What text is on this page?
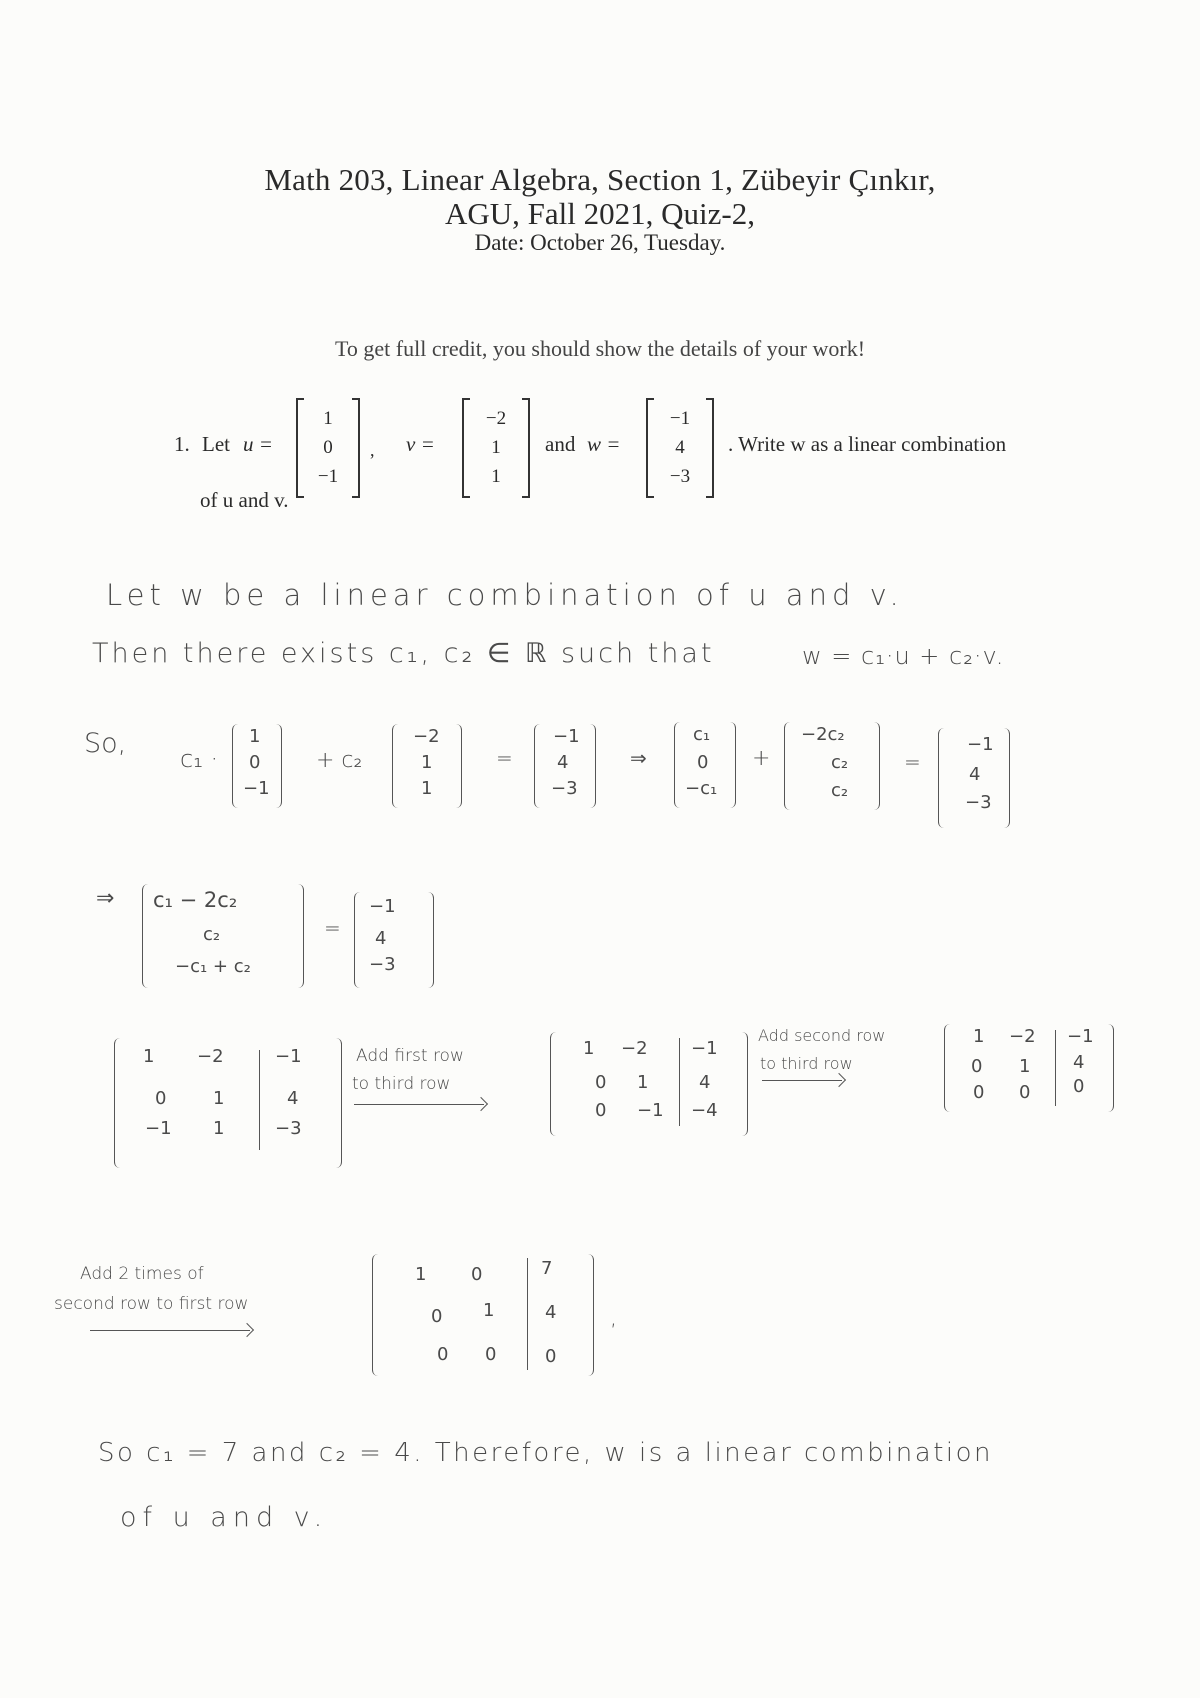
Math 203, Linear Algebra, Section 1, Zübeyir Çınkır,
AGU, Fall 2021, Quiz-2,
Date: October 26, Tuesday.
To get full credit, you should show the details of your work!
1. Let u =
1
0
−1
, v =
−2
1
1
and w =
−1
4
−3
. Write w as a linear combination
of u and v.
Let w be a linear combination of u and v.
Then there exists c₁, c₂ ∈ ℝ such that	w = c₁·u + c₂·v.
So, c₁ ·
1
0
−1
+ c₂
−2
1
1
=
−1
4
−3
⇒
c₁
0
−c₁
+
−2c₂
c₂
c₂
=
−1
4
−3
⇒ c₁ − 2c₂
c₂
−c₁ + c₂
=
−1
4
−3
1 −2	−1
0	1	4
−1 1	−3
Add first row
to third row
1 −2 −1
0 1	4
0 −1 −4
Add second row
to third row
1 −2 −1
0 1 4
0 0 0
Add 2 times of
second row to first row
1 0	7
0 1	4
0 0	0
,
So c₁ = 7 and c₂ = 4. Therefore, w is a linear combination
of u and v.
